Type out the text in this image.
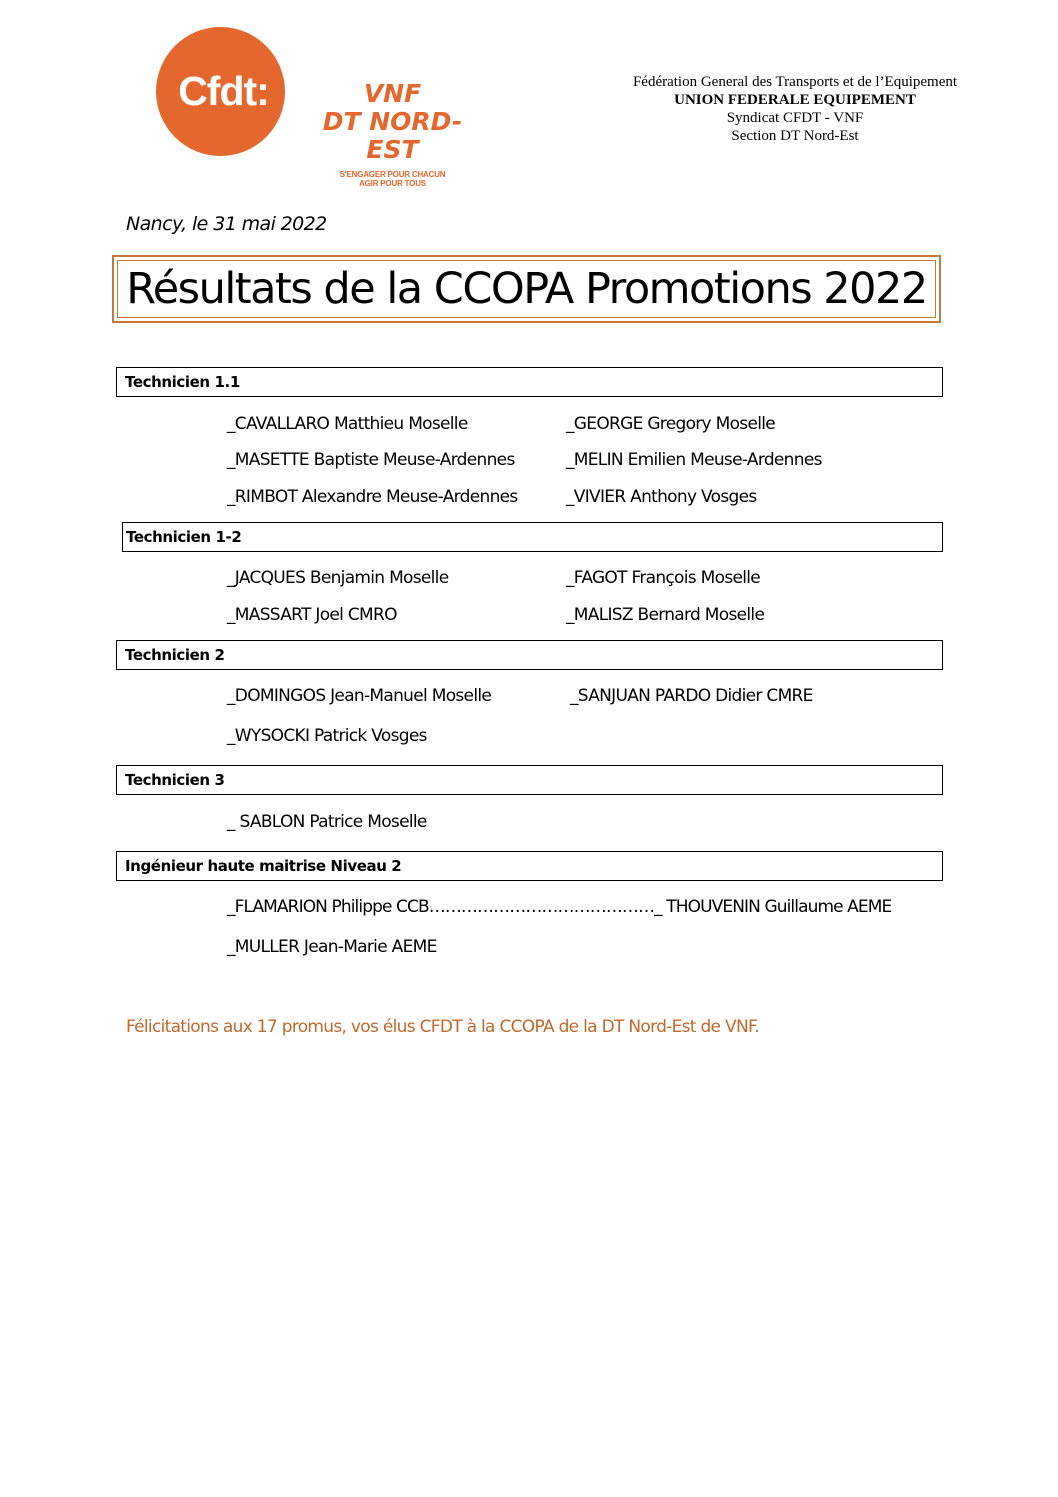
Cfdt:	VNF
DT NORD-EST
S'ENGAGER POUR CHACUN
AGIR POUR TOUS
Fédération General des Transports et de l’Equipement
UNION FEDERALE EQUIPEMENT
Syndicat CFDT - VNF
Section DT Nord-Est
Nancy, le 31 mai 2022
Résultats de la CCOPA Promotions 2022
Technicien 1.1
_CAVALLARO Matthieu Moselle	_GEORGE Gregory Moselle
_MASETTE Baptiste Meuse-Ardennes	_MELIN Emilien Meuse-Ardennes
_RIMBOT Alexandre Meuse-Ardennes	_VIVIER Anthony Vosges
Technicien 1-2
_JACQUES Benjamin Moselle	_FAGOT François Moselle
_MASSART Joel CMRO	_MALISZ Bernard Moselle
Technicien 2
_DOMINGOS Jean-Manuel Moselle	_SANJUAN PARDO Didier CMRE
_WYSOCKI Patrick Vosges
Technicien 3
_ SABLON Patrice Moselle
Ingénieur haute maitrise Niveau 2
_FLAMARION Philippe CCB……………………………………_ THOUVENIN Guillaume AEME
_MULLER Jean-Marie AEME
Félicitations aux 17 promus, vos élus CFDT à la CCOPA de la DT Nord-Est de VNF.
